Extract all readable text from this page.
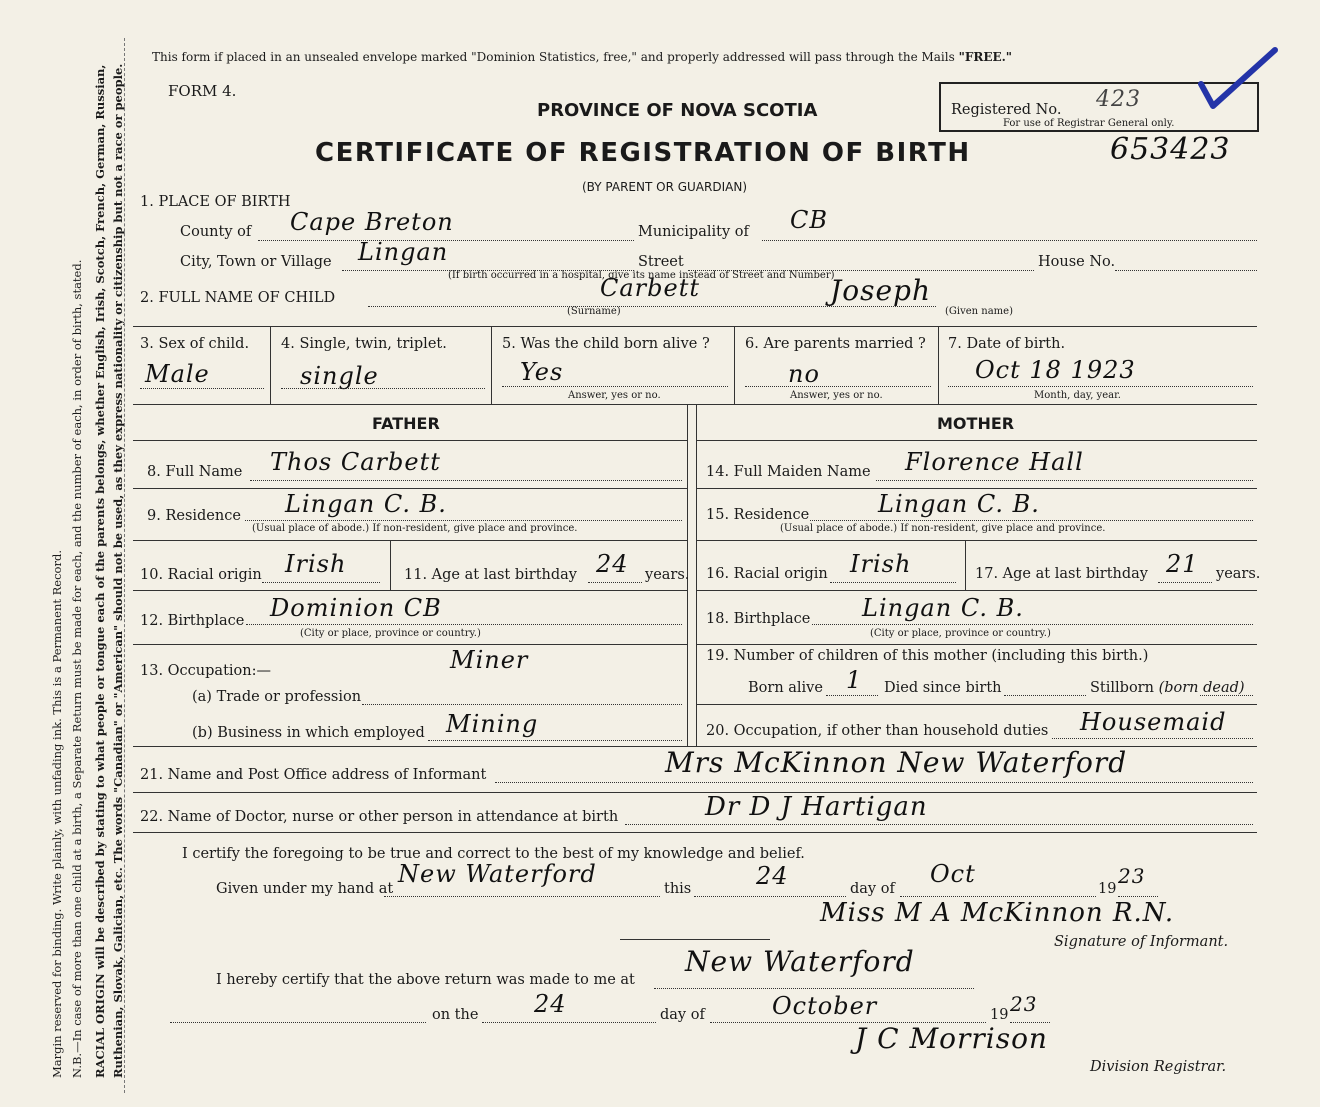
Margin reserved for binding. Write plainly, with unfading ink. This is a Permanent Record. N.B.—In case of more than one child at a birth, a Separate Return must be made for each, and the number of each, in order of birth, stated. RACIAL ORIGIN will be described by stating to what people or tongue each of the parents belongs, whether English, Irish, Scotch, French, German, Russian, Ruthenian, Slovak, Galician, etc. The words "Canadian" or "American" should not be used, as they express nationality or citizenship but not a race or people.
This form if placed in an unsealed envelope marked "Dominion Statistics, free," and properly addressed will pass through the Mails "FREE."
FORM 4.
PROVINCE OF NOVA SCOTIA	Registered No. 423
For use of Registrar General only.
CERTIFICATE OF REGISTRATION OF BIRTH	653423
(BY PARENT OR GUARDIAN)
1. PLACE OF BIRTH
County of Cape Breton	Municipality of CB
City, Town or Village Lingan	Street	House No.
(If birth occurred in a hospital, give its name instead of Street and Number)
2. FULL NAME OF CHILD	Carbett	Joseph
(Surname)	(Given name)
3. Sex of child.
Male
4. Single, twin, triplet.
single
5. Was the child born alive ?
Yes
Answer, yes or no.
6. Are parents married ?
no
Answer, yes or no.
7. Date of birth.
Oct 18 1923
Month, day, year.
FATHER	MOTHER
8. Full Name Thos Carbett
9. Residence Lingan C. B.
(Usual place of abode.) If non-resident, give place and province.
10. Racial origin Irish	11. Age at last birthday 24 years.
12. Birthplace Dominion CB
(City or place, province or country.)
13. Occupation:—	Miner
(a) Trade or profession
(b) Business in which employed Mining
14. Full Maiden Name Florence Hall
15. Residence	Lingan C. B.
(Usual place of abode.) If non-resident, give place and province.
16. Racial origin Irish	17. Age at last birthday 21 years.
18. Birthplace Lingan C. B.
(City or place, province or country.)
19. Number of children of this mother (including this birth.)
Born alive 1 Died since birth	Stillborn (born dead)
20. Occupation, if other than household duties Housemaid
21. Name and Post Office address of Informant	Mrs McKinnon New Waterford
22. Name of Doctor, nurse or other person in attendance at birth	Dr D J Hartigan
I certify the foregoing to be true and correct to the best of my knowledge and belief.
Given under my hand at
New Waterford
this	24	day of
Oct
19
23
Miss M A McKinnon R.N.
Signature of Informant.
I hereby certify that the above return was made to me at
New Waterford
on the 24	day of	October	19 23
J C Morrison
Division Registrar.
